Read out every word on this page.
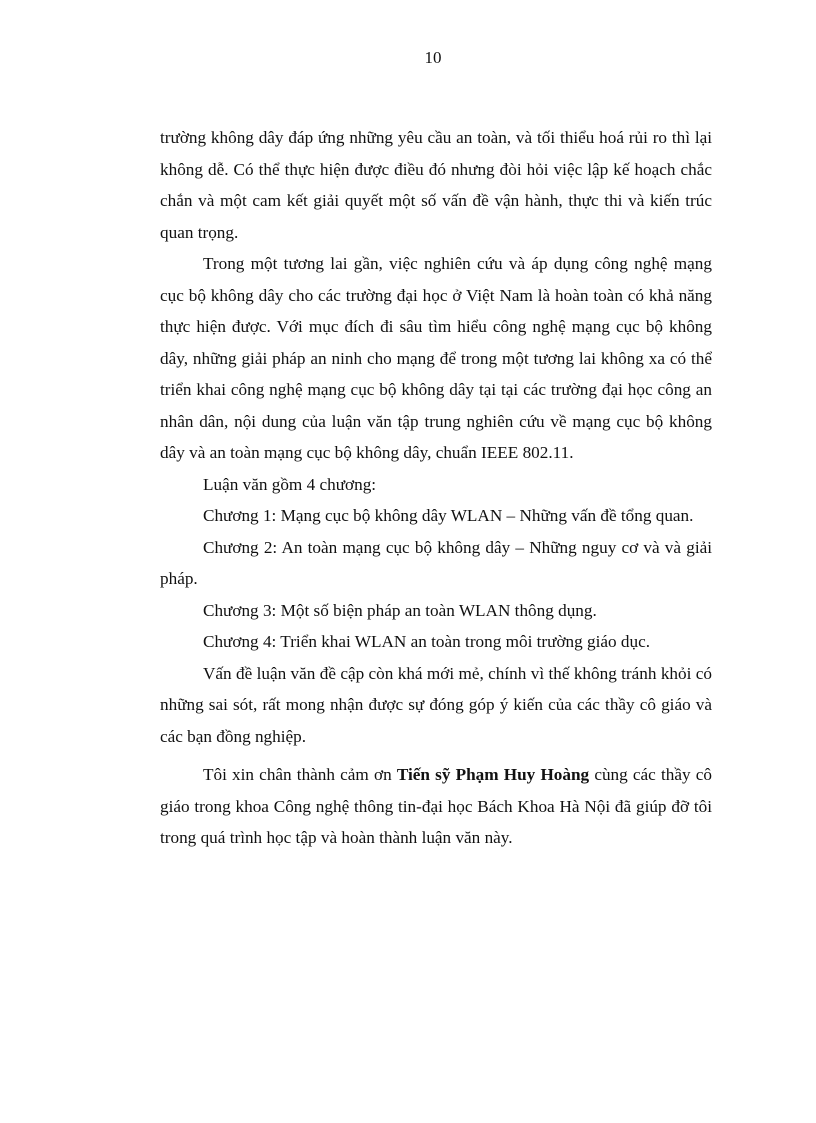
10

trường không dây đáp ứng những yêu cầu an toàn, và tối thiểu hoá rủi ro thì lại không dễ. Có thể thực hiện được điều đó nhưng đòi hỏi việc lập kế hoạch chắc chắn và một cam kết giải quyết một số vấn đề vận hành, thực thi và kiến trúc quan trọng.

Trong một tương lai gần, việc nghiên cứu và áp dụng công nghệ mạng cục bộ không dây cho các trường đại học ở Việt Nam là hoàn toàn có khả năng thực hiện được. Với mục đích đi sâu tìm hiểu công nghệ mạng cục bộ không dây, những giải pháp an ninh cho mạng để trong một tương lai không xa có thể triển khai công nghệ mạng cục bộ không dây tại tại các trường đại học công an nhân dân, nội dung của luận văn tập trung nghiên cứu về mạng cục bộ không dây và an toàn mạng cục bộ không dây, chuẩn IEEE 802.11.

Luận văn gồm 4 chương:

Chương 1: Mạng cục bộ không dây WLAN – Những vấn đề tổng quan.

Chương 2: An toàn mạng cục bộ không dây – Những nguy cơ và và giải pháp.

Chương 3: Một số biện pháp an toàn WLAN thông dụng.

Chương 4: Triển khai WLAN an toàn trong môi trường giáo dục.

Vấn đề luận văn đề cập còn khá mới mẻ, chính vì thế không tránh khỏi có những sai sót, rất mong nhận được sự đóng góp ý kiến của các thầy cô giáo và các bạn đồng nghiệp.

Tôi xin chân thành cảm ơn Tiến sỹ Phạm Huy Hoàng cùng các thầy cô giáo trong khoa Công nghệ thông tin-đại học Bách Khoa Hà Nội đã giúp đỡ tôi trong quá trình học tập và hoàn thành luận văn này.
